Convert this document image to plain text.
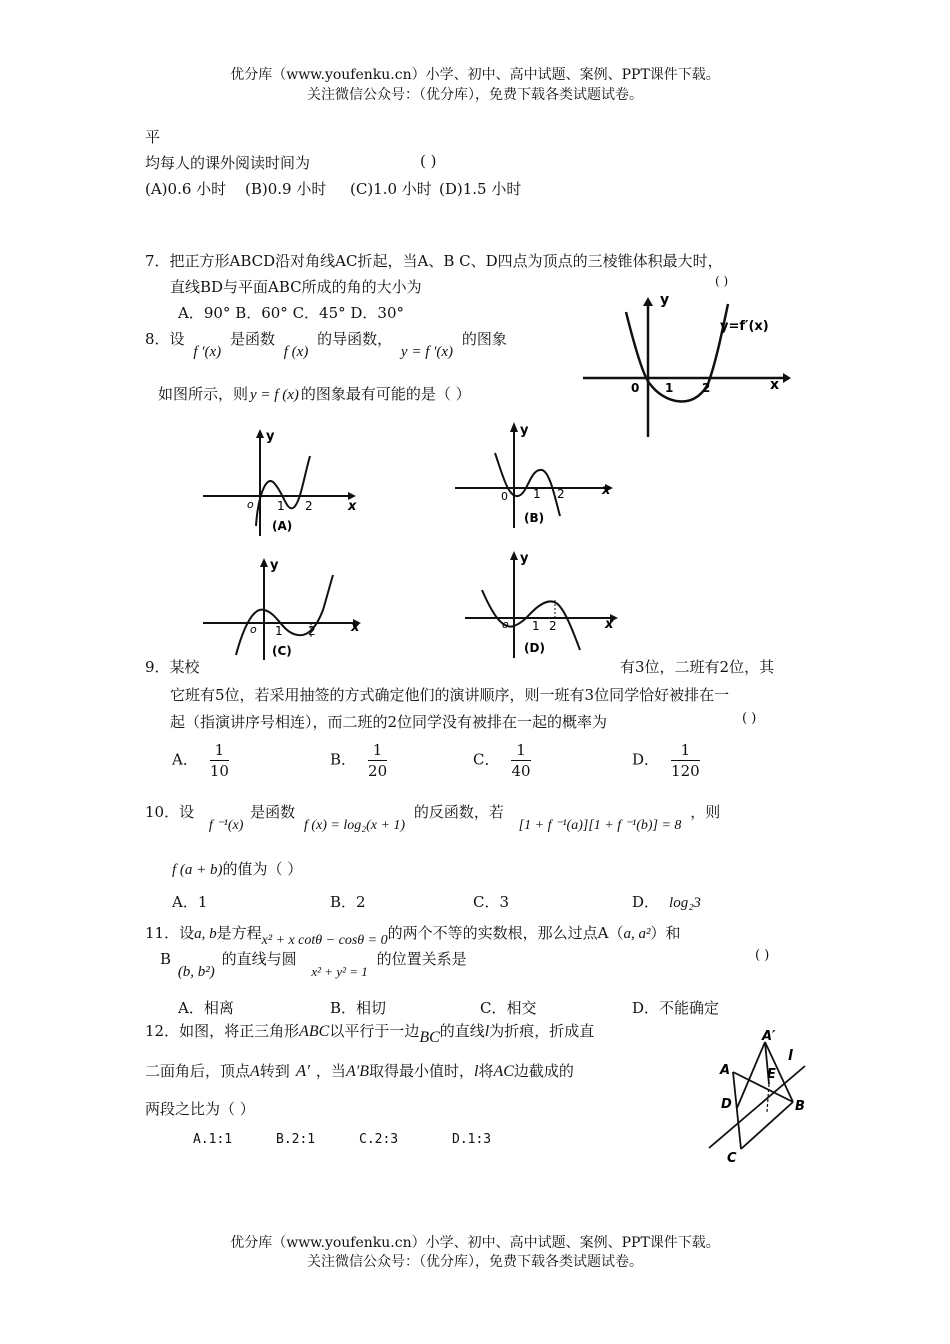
优分库（www.youfenku.cn）小学、初中、高中试题、案例、PPT课件下载。
关注微信公众号：（优分库），免费下载各类试题试卷。
平
均每人的课外阅读时间为	( )
(A)0.6 小时 (B)0.9 小时 (C)1.0 小时 (D)1.5 小时
7．把正方形ABCD沿对角线AC折起，当A、B C、D四点为顶点的三棱锥体积最大时，
直线BD与平面ABC所成的角的大小为	( )
A．90° B．60° C．45° D．30°
8．设 f ′(x) 是函数 f (x) 的导函数， y = f ′(x) 的图象
如图所示，则 y = f (x) 的图象最有可能的是（ ）
y
x
0 1 2
y=f′(x)
y
x
o 1 2
(A)
y
x
0 1 2
(B)
y
x
o 1 2
(C)
y
x
o 1 2
(D)
9．某校	有3位，二班有2位，其
它班有5位，若采用抽签的方式确定他们的演讲顺序，则一班有3位同学恰好被排在一
起（指演讲序号相连），而二班的2位同学没有被排在一起的概率为	( )
A． $\frac{1}{10}$	B． $\frac{1}{20}$	C． $\frac{1}{40}$	D． $\frac{1}{120}$
10．设 f ⁻¹(x) 是函数 f (x) = log₂(x + 1) 的反函数，若 [1 + f ⁻¹(a)][1 + f ⁻¹(b)] = 8 ，则
f (a + b)的值为（ ）
A．1	B．2	C．3	D． log₂3
11．设a, b是方程x² + x cotθ − cosθ = 0的两个不等的实数根，那么过点A（a, a²）和
B (b, b²) 的直线与圆 x² + y² = 1 的位置关系是	( )
A．相离	B．相切	C．相交	D．不能确定
12．如图，将正三角形ABC以平行于一边BC的直线l为折痕，折成直
二面角后，顶点A转到 A′ ，当A′B取得最小值时，l将AC边截成的
两段之比为（ ）
A.1:1	B.2:1	C.2:3	D.1:3
A
A′
l
E
D	B
C
优分库（www.youfenku.cn）小学、初中、高中试题、案例、PPT课件下载。
关注微信公众号：（优分库），免费下载各类试题试卷。
